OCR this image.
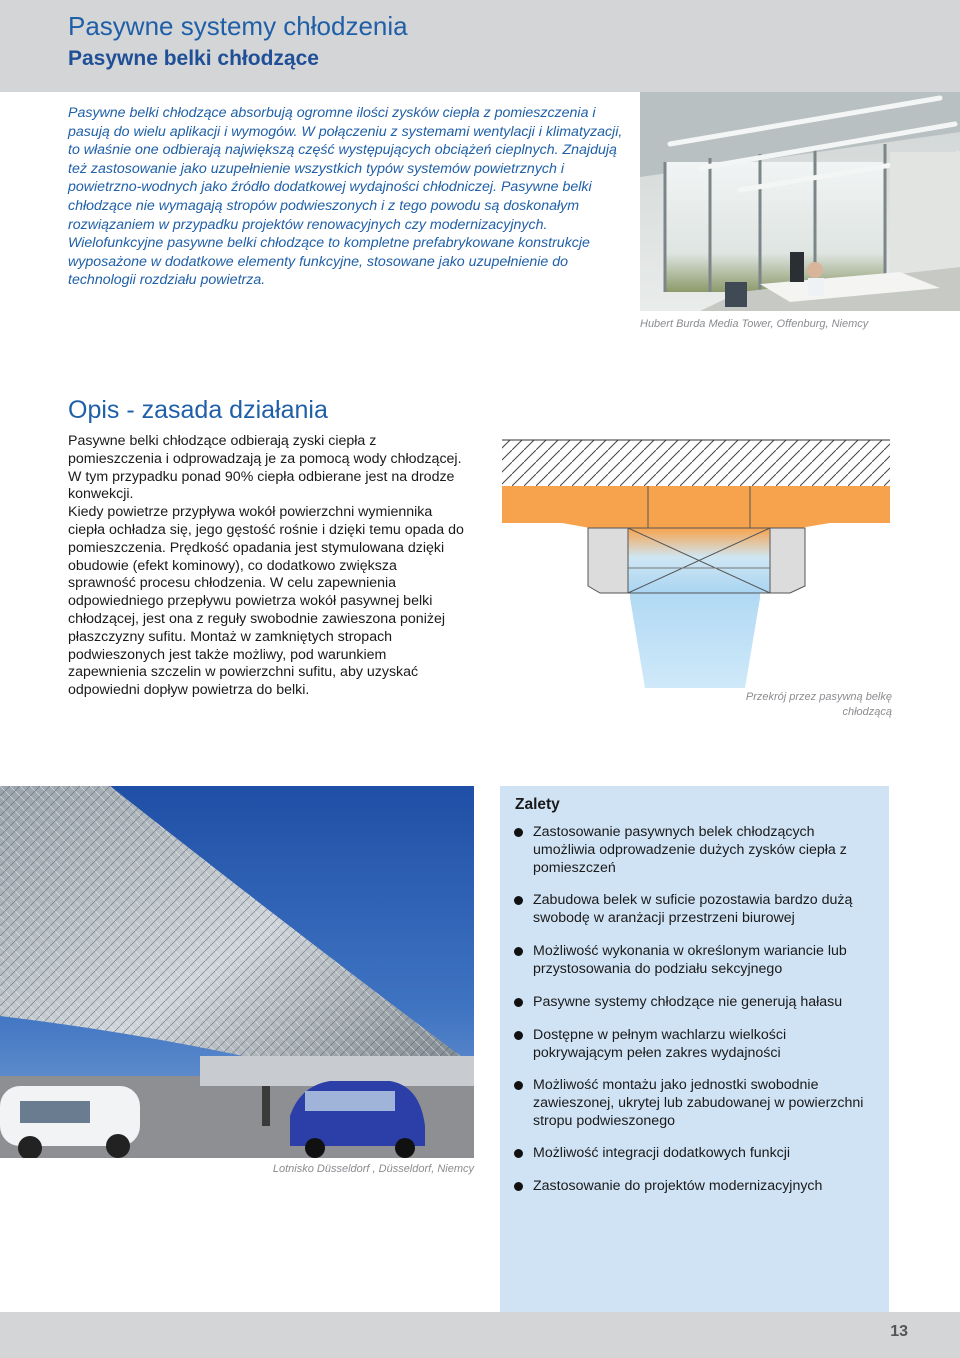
Pasywne systemy chłodzenia
Pasywne belki chłodzące

Pasywne belki chłodzące absorbują ogromne ilości zysków ciepła z pomieszczenia i pasują do wielu aplikacji i wymogów. W połączeniu z systemami wentylacji i klimatyzacji, to właśnie one odbierają największą część występujących obciążeń cieplnych. Znajdują też zastosowanie jako uzupełnienie wszystkich typów systemów powietrznych i powietrzno-wodnych jako źródło dodatkowej wydajności chłodniczej. Pasywne belki chłodzące nie wymagają stropów podwieszonych i z tego powodu są doskonałym rozwiązaniem w przypadku projektów renowacyjnych czy modernizacyjnych. Wielofunkcyjne pasywne belki chłodzące to kompletne prefabrykowane konstrukcje wyposażone w dodatkowe elementy funkcyjne, stosowane jako uzupełnienie do technologii rozdziału powietrza.

Hubert Burda Media Tower, Offenburg, Niemcy
Opis - zasada działania

Pasywne belki chłodzące odbierają zyski ciepła z pomieszczenia i odprowadzają je za pomocą wody chłodzącej. W tym przypadku ponad 90% ciepła odbierane jest na drodze konwekcji.
Kiedy powietrze przypływa wokół powierzchni wymiennika ciepła ochładza się, jego gęstość rośnie i dzięki temu opada do pomieszczenia. Prędkość opadania jest stymulowana dzięki obudowie (efekt kominowy), co dodatkowo zwiększa sprawność procesu chłodzenia. W celu zapewnienia odpowiedniego przepływu powietrza wokół pasywnej belki chłodzącej, jest ona z reguły swobodnie zawieszona poniżej płaszczyzny sufitu. Montaż w zamkniętych stropach podwieszonych jest także możliwy, pod warunkiem zapewnienia szczelin w powierzchni sufitu, aby uzyskać odpowiedni dopływ powietrza do belki.	Przekrój przez pasywną belkę chłodzącą
Lotnisko Düsseldorf , Düsseldorf, Niemcy
Zalety
Zastosowanie pasywnych belek chłodzących umożliwia odprowadzenie dużych zysków ciepła z pomieszczeń
Zabudowa belek w suficie pozostawia bardzo dużą swobodę w aranżacji przestrzeni biurowej
Możliwość wykonania w określonym wariancie lub przystosowania do podziału sekcyjnego
Pasywne systemy chłodzące nie generują hałasu
Dostępne w pełnym wachlarzu wielkości pokrywającym pełen zakres wydajności
Możliwość montażu jako jednostki swobodnie zawieszonej, ukrytej lub zabudowanej w powierzchni stropu podwieszonego
Możliwość integracji dodatkowych funkcji
Zastosowanie do projektów modernizacyjnych
13
